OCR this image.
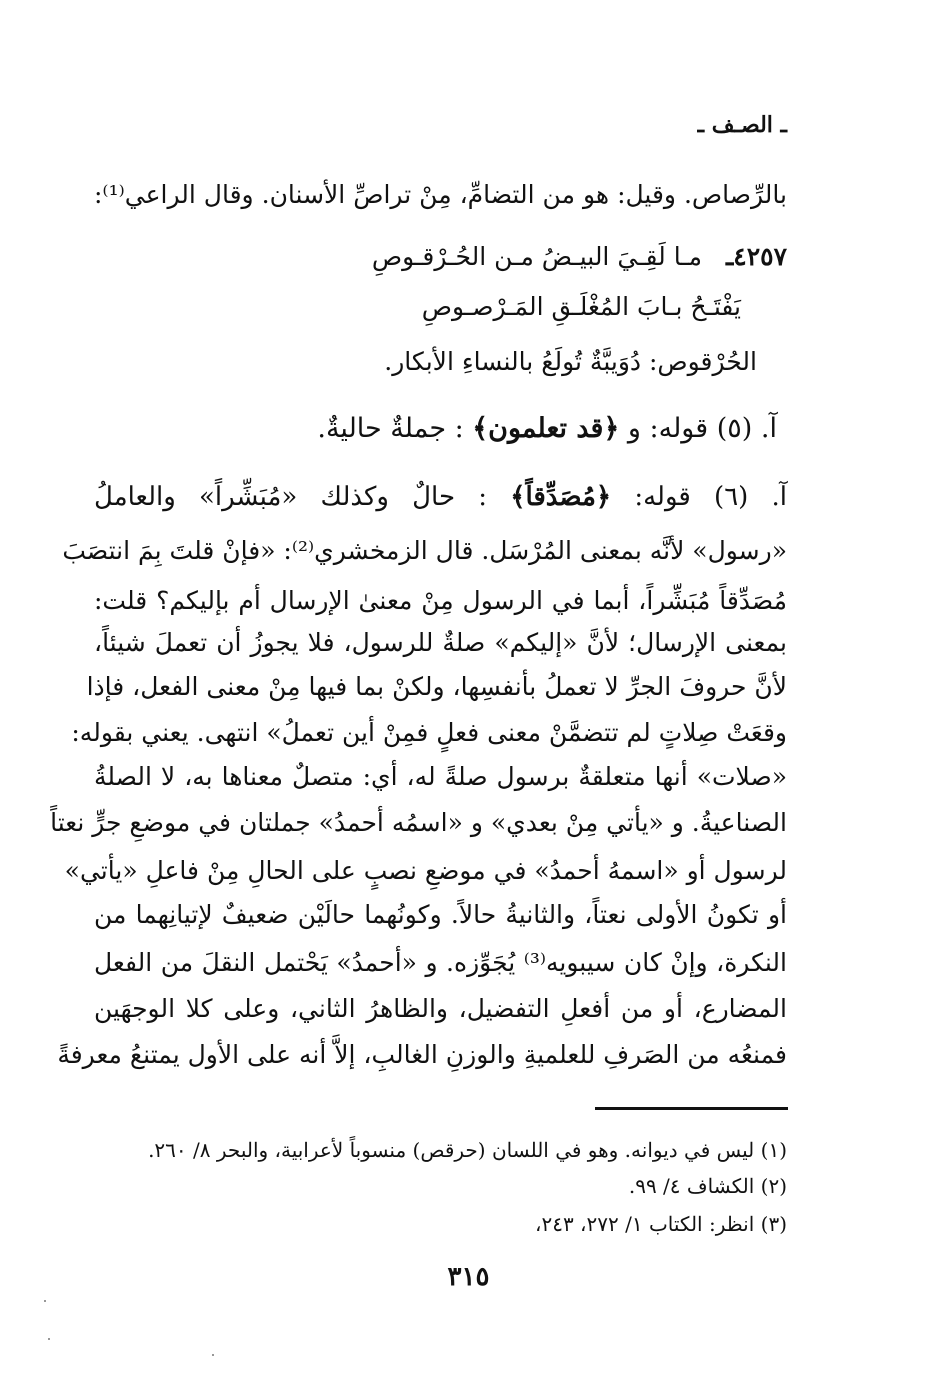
ـ الصـف ـ
بالرِّصاص. وقيل: هو من التضامِّ، مِنْ تراصِّ الأسنان. وقال الراعي⁽¹⁾:
٤٢٥٧ـ  مـا لَقِـيَ البيـضُ مـن الحُـرْقـوصِ
يَفْتَـحُ بـابَ المُغْلَـقِ المَـرْصـوصِ
الحُرْقوص: دُوَيبَّةٌ تُولَعُ بالنساءِ الأبكار.
آ. (٥) قوله: و ﴿قد تعلمون﴾ : جملةٌ حاليةٌ.
آ. (٦) قوله: ﴿مُصَدِّقاً﴾ : حالٌ وكذلك «مُبَشِّراً» والعاملُ
«رسول» لأنَّه بمعنى المُرْسَل. قال الزمخشري⁽²⁾: «فإنْ قلتَ بِمَ انتصَبَ
مُصَدِّقاً مُبَشِّراً، أبما في الرسول مِنْ معنىٰ الإرسال أم بإليكم؟ قلت:
بمعنى الإرسال؛ لأنَّ «إليكم» صلةٌ للرسول، فلا يجوزُ أن تعملَ شيئاً،
لأنَّ حروفَ الجرِّ لا تعملُ بأنفسِها، ولكنْ بما فيها مِنْ معنى الفعل، فإذا
وقعَتْ صِلاتٍ لم تتضمَّنْ معنى فعلٍ فمِنْ أين تعملُ» انتهى. يعني بقوله:
«صلات» أنها متعلقةٌ برسول صلةً له، أي: متصلٌ معناها به، لا الصلةُ
الصناعيةُ. و «يأتي مِنْ بعدي» و «اسمُه أحمدُ» جملتان في موضعِ جرٍّ نعتاً
لرسول أو «اسمهُ أحمدُ» في موضعِ نصبٍ على الحالِ مِنْ فاعلِ «يأتي»
أو تكونُ الأولى نعتاً، والثانيةُ حالاً. وكونُهما حالَيْن ضعيفٌ لإتيانِهما من
النكرة، وإنْ كان سيبويه⁽³⁾ يُجَوِّزه. و «أحمدُ» يَحْتمل النقلَ من الفعل
المضارع، أو من أفعلِ التفضيل، والظاهرُ الثاني، وعلى كلا الوجهَين
فمنعُه من الصَرفِ للعلميةِ والوزنِ الغالبِ، إلاَّ أنه على الأول يمتنعُ معرفةً
(١) ليس في ديوانه. وهو في اللسان (حرقص) منسوباً لأعرابية، والبحر ٨/ ٢٦٠.
(٢) الكشاف ٤/ ٩٩.
(٣) انظر: الكتاب ١/ ٢٧٢، ٢٤٣،
٣١٥
